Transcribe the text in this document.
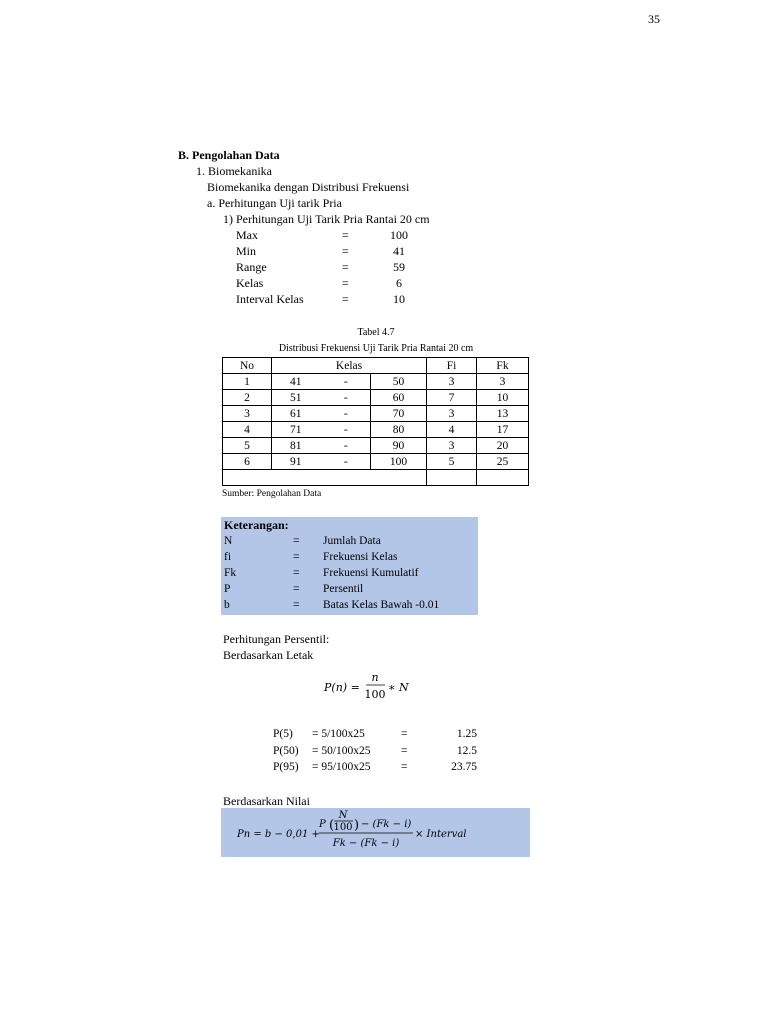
35
B. Pengolahan Data
1. Biomekanika
Biomekanika dengan Distribusi Frekuensi
a. Perhitungan Uji tarik Pria
1) Perhitungan Uji Tarik Pria Rantai 20 cm
Max	=	100
Min	=	41
Range	=	59
Kelas	=	6
Interval Kelas	=	10
Tabel 4.7
Distribusi Frekuensi Uji Tarik Pria Rantai 20 cm
No	Kelas			Fi	Fk
1	41	-	50	3	3
2	51	-	60	7	10
3	61	-	70	3	13
4	71	-	80	4	17
5	81	-	90	3	20
6	91	-	100	5	25

Sumber: Pengolahan Data
Keterangan:
N	= Jumlah Data
fi	= Frekuensi Kelas
Fk	= Frekuensi Kumulatif
P	= Persentil
b	= Batas Kelas Bawah -0.01
Perhitungan Persentil:
Berdasarkan Letak
P(n) =
n
100
∗ N
P(5) = 5/100x25	=	1.25
P(50) = 50/100x25	=	12.5
P(95) = 95/100x25	=	23.75
Berdasarkan Nilai
Pn = b − 0,01 +
P (
N
100 ) − (Fk − i)
Fk − (Fk − i)
× Interval
